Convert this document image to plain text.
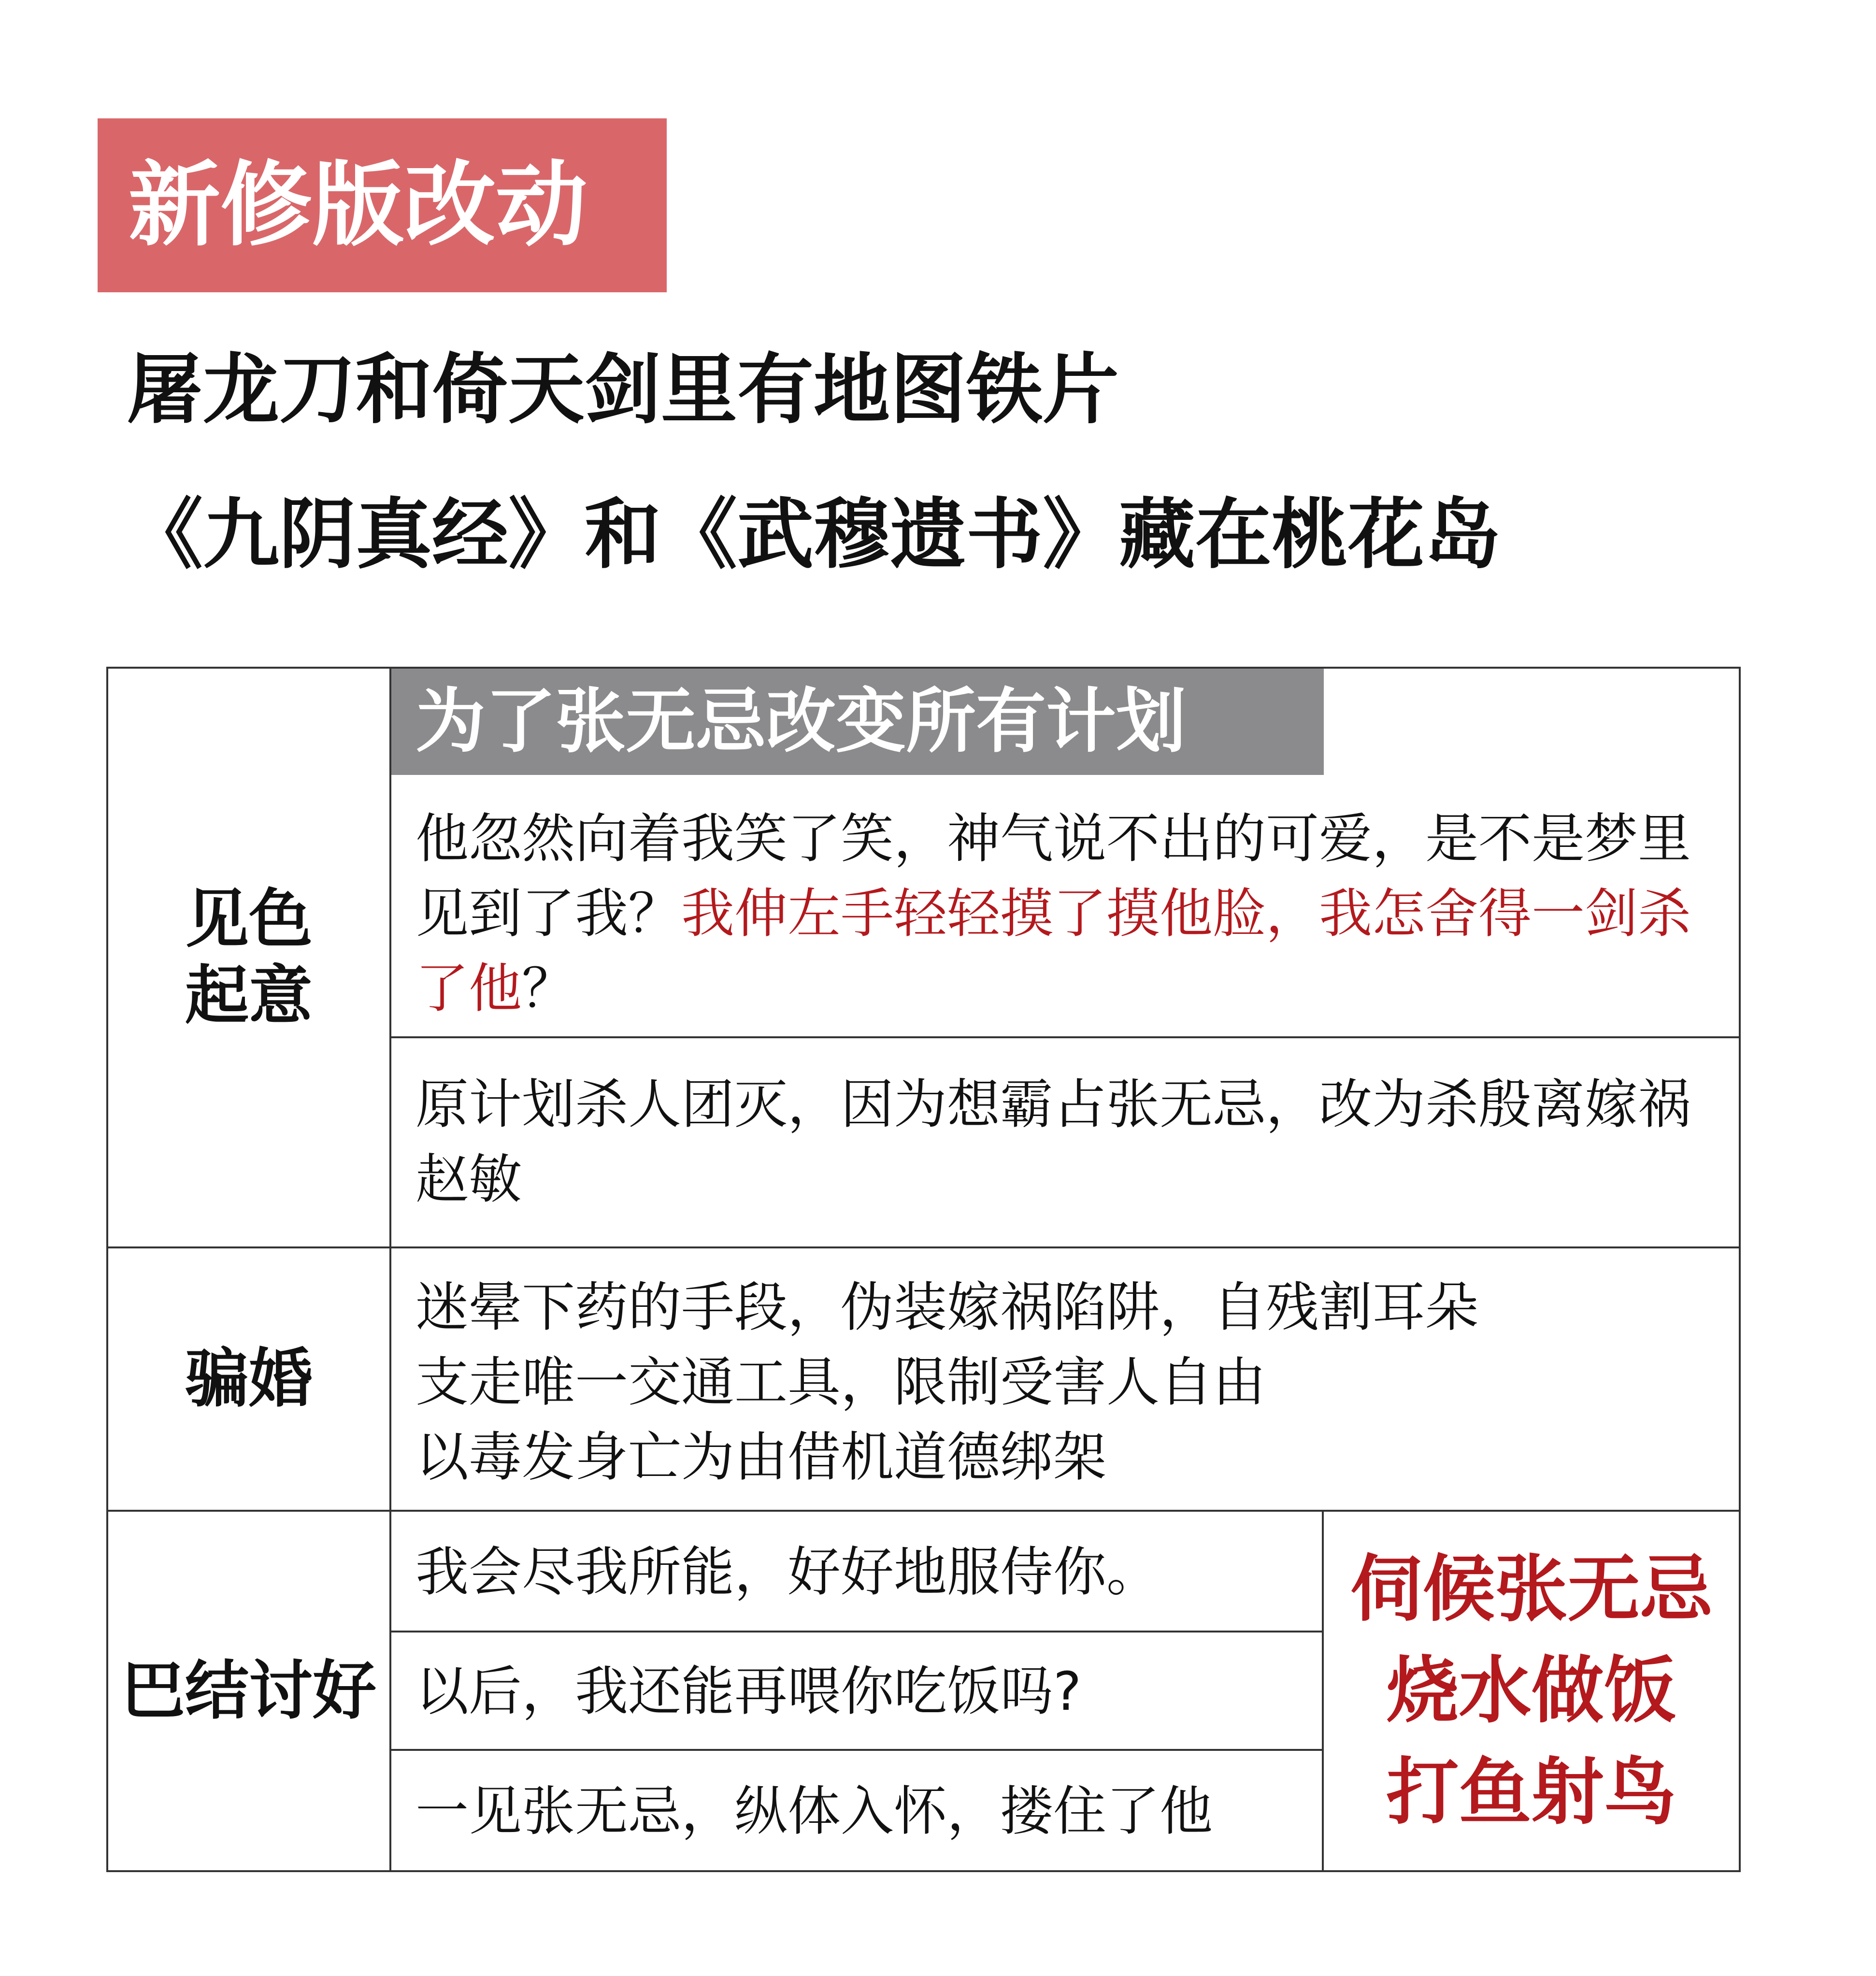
新修版改动
屠龙刀和倚天剑里有地图铁片
《九阴真经》和《武穆遗书》藏在桃花岛
见色
起意
为了张无忌改变所有计划
他忽然向着我笑了笑，神气说不出的可爱，是不是梦里见到了我？我伸左手轻轻摸了摸他脸，我怎舍得一剑杀了他？
原计划杀人团灭，因为想霸占张无忌，改为杀殷离嫁祸赵敏
骗婚
迷晕下药的手段，伪装嫁祸陷阱，自残割耳朵
支走唯一交通工具，限制受害人自由
以毒发身亡为由借机道德绑架
巴结讨好
我会尽我所能，好好地服侍你。
以后，我还能再喂你吃饭吗?
一见张无忌，纵体入怀，搂住了他
伺候张无忌
烧水做饭
打鱼射鸟
